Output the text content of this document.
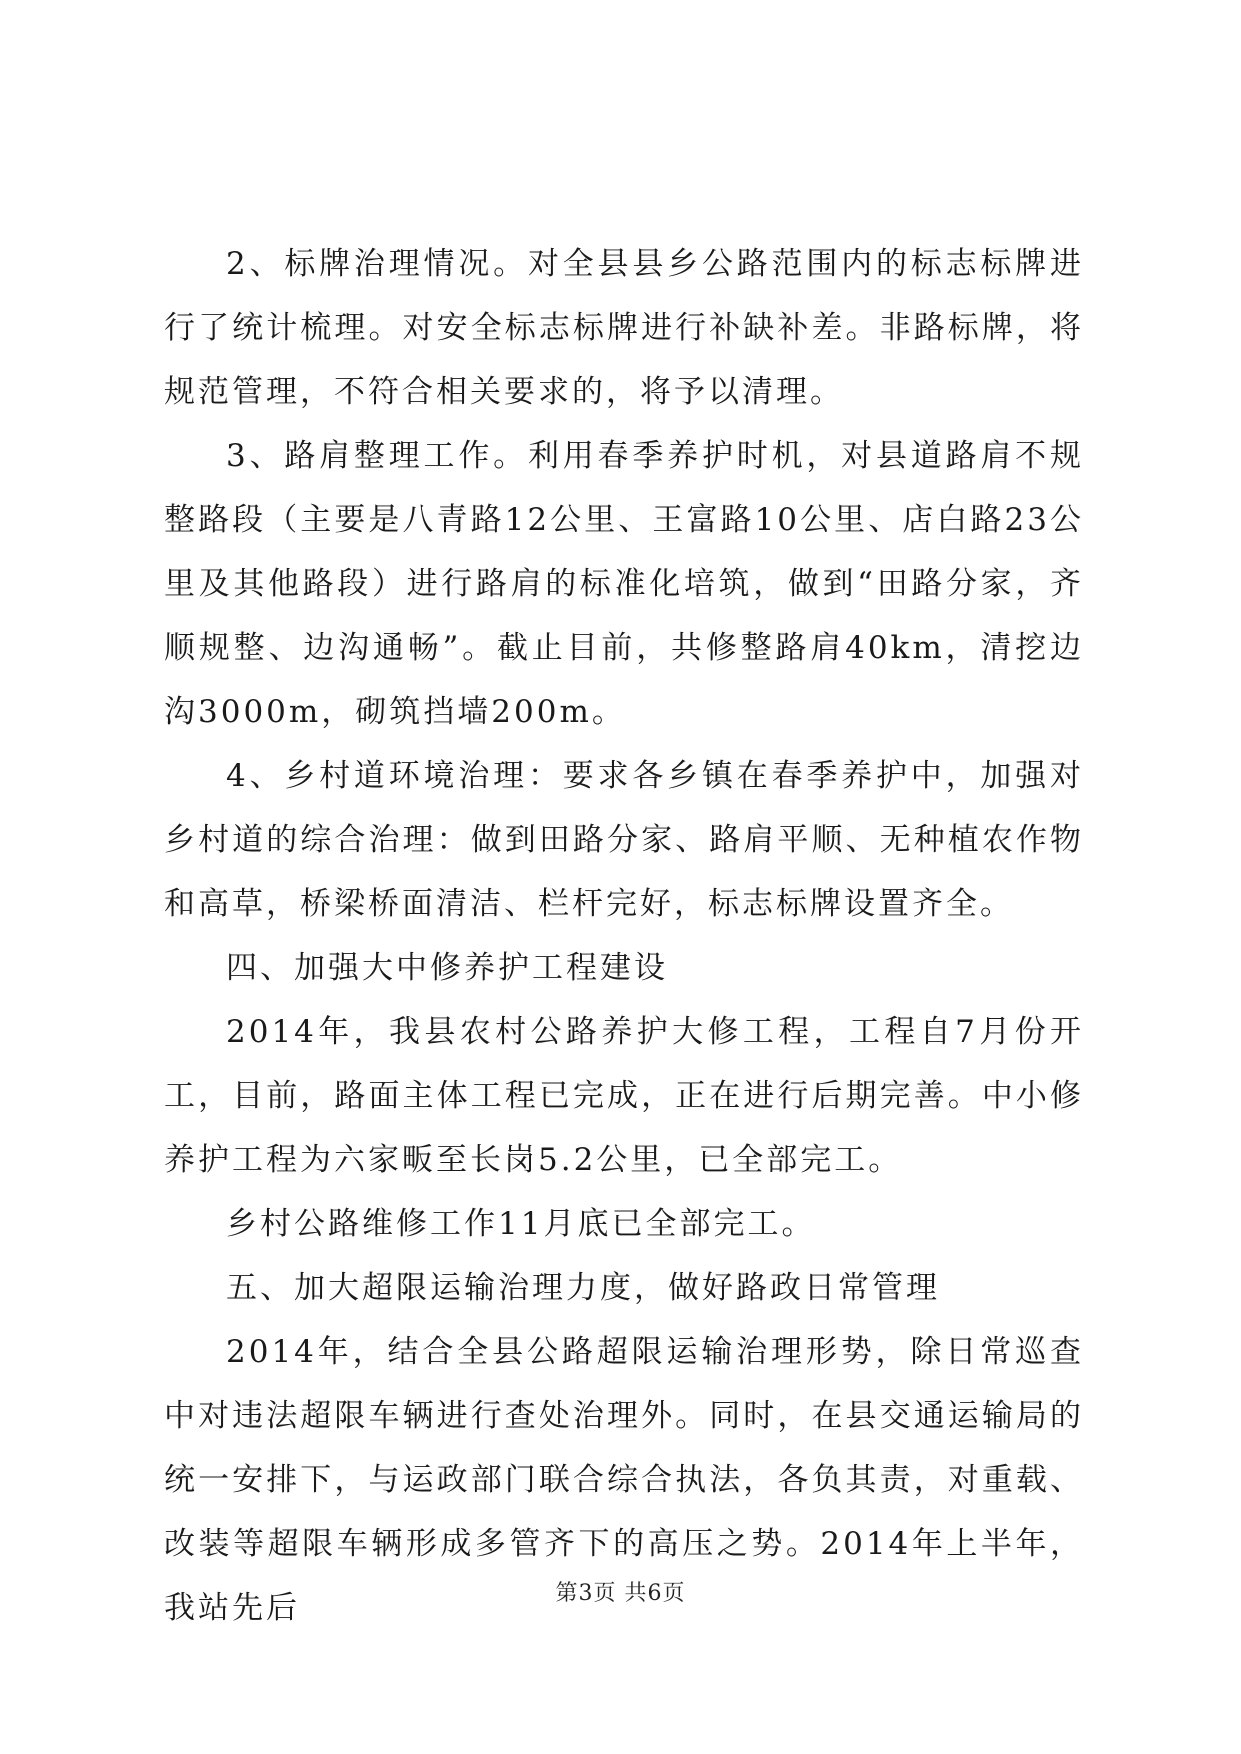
2、标牌治理情况。对全县县乡公路范围内的标志标牌进行了统计梳理。对安全标志标牌进行补缺补差。非路标牌，将规范管理，不符合相关要求的，将予以清理。

3、路肩整理工作。利用春季养护时机，对县道路肩不规整路段（主要是八青路12公里、王富路10公里、店白路23公里及其他路段）进行路肩的标准化培筑，做到“田路分家，齐顺规整、边沟通畅”。截止目前，共修整路肩40km，清挖边沟3000m，砌筑挡墙200m。

4、乡村道环境治理：要求各乡镇在春季养护中，加强对乡村道的综合治理：做到田路分家、路肩平顺、无种植农作物和高草，桥梁桥面清洁、栏杆完好，标志标牌设置齐全。

四、加强大中修养护工程建设

2014年，我县农村公路养护大修工程，工程自7月份开工，目前，路面主体工程已完成，正在进行后期完善。中小修养护工程为六家畈至长岗5.2公里，已全部完工。

乡村公路维修工作11月底已全部完工。

五、加大超限运输治理力度，做好路政日常管理

2014年，结合全县公路超限运输治理形势，除日常巡查中对违法超限车辆进行查处治理外。同时，在县交通运输局的统一安排下，与运政部门联合综合执法，各负其责，对重载、改装等超限车辆形成多管齐下的高压之势。2014年上半年，我站先后	第3页 共6页
